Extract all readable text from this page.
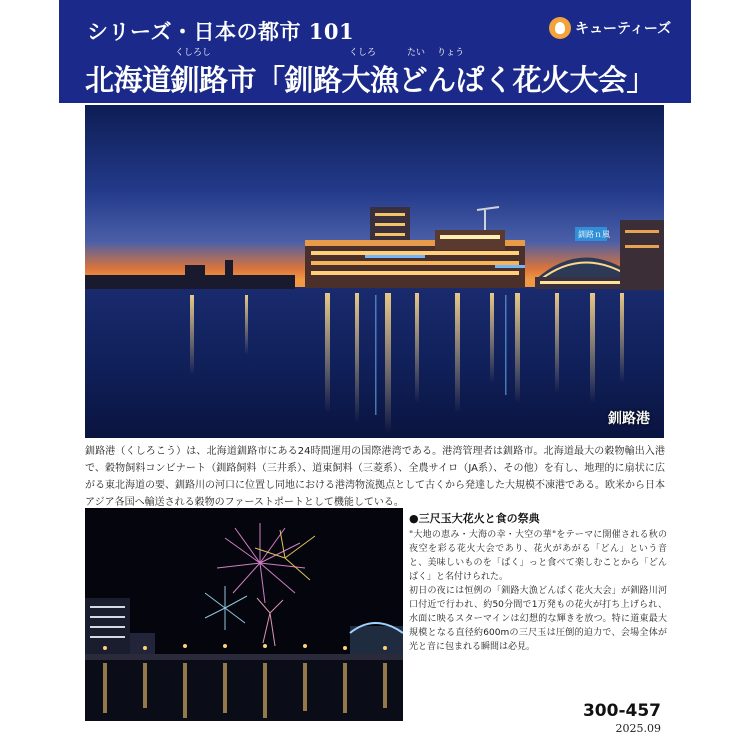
シリーズ・日本の都市 101	キューティーズ
くしろし	くしろ	たい りょう
北海道釧路市「釧路大漁どんぱく花火大会」
釧路ｎ風
釧路港
釧路港（くしろこう）は、北海道釧路市にある24時間運用の国際港湾である。港湾管理者は釧路市。北海道最大の穀物輸出入港で、穀物飼料コンビナート（釧路飼料（三井系）、道東飼料（三菱系）、全農サイロ（JA系）、その他）を有し、地理的に扇状に広がる東北海道の要、釧路川の河口に位置し同地における港湾物流拠点として古くから発達した大規模不凍港である。欧米から日本アジア各国へ輸送される穀物のファーストポートとして機能している。
●三尺玉大花火と食の祭典

"大地の恵み・大海の幸・大空の華"をテーマに開催される秋の夜空を彩る花火大会であり、花火があがる「どん」という音と、美味しいものを「ぱく」っと食べて楽しむことから「どんぱく」と名付けられた。

初日の夜には恒例の「釧路大漁どんぱく花火大会」が釧路川河口付近で行われ、約50分間で1万発もの花火が打ち上げられ、水面に映るスターマインは幻想的な輝きを放つ。特に道東最大規模となる直径約600mの三尺玉は圧倒的迫力で、会場全体が光と音に包まれる瞬間は必見。

300-457
2025.09
